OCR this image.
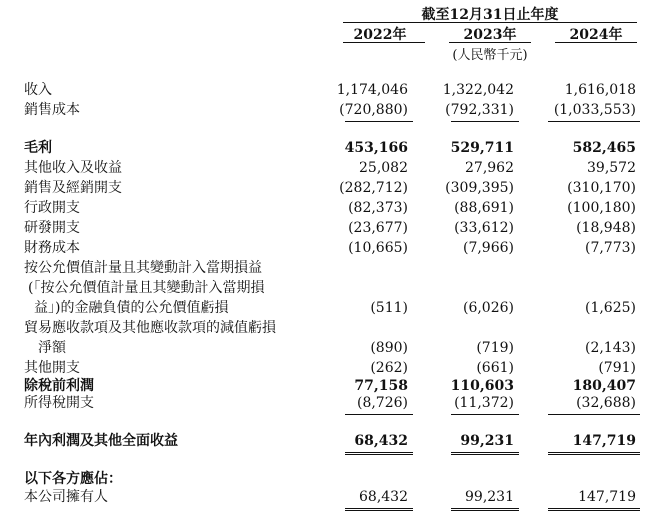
截至12月31日止年度
2022年	2023年	2024年
(人民幣千元)
收入	1,174,046	1,322,042	1,616,018
銷售成本	(720,880)	(792,331)	(1,033,553)
毛利	453,166	529,711	582,465
其他收入及收益	25,082	27,962	39,572
銷售及經銷開支	(282,712)	(309,395)	(310,170)
行政開支	(82,373)	(88,691)	(100,180)
研發開支	(23,677)	(33,612)	(18,948)
財務成本	(10,665)	(7,966)	(7,773)
按公允價值計量且其變動計入當期損益
(「按公允價值計量且其變動計入當期損
益」)的金融負債的公允價值虧損	(511)	(6,026)	(1,625)
貿易應收款項及其他應收款項的減值虧損
淨額	(890)	(719)	(2,143)
其他開支	(262)	(661)	(791)
除稅前利潤	77,158	110,603	180,407
所得稅開支	(8,726)	(11,372)	(32,688)
年內利潤及其他全面收益	68,432	99,231	147,719
以下各方應佔：
本公司擁有人	68,432	99,231	147,719
